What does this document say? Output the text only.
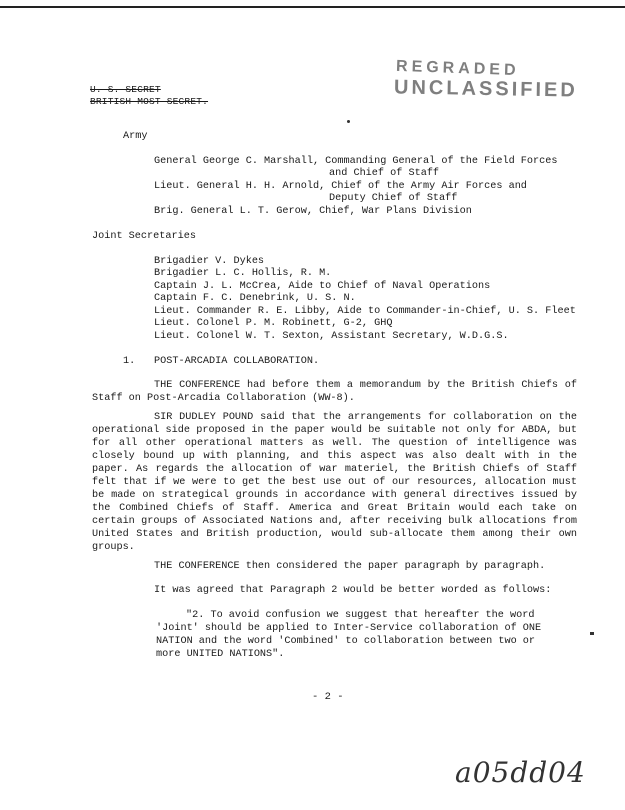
U. S. SECRET
BRITISH MOST SECRET.
REGRADED
UNCLASSIFIED
Army
General George C. Marshall, Commanding General of the Field Forces
and Chief of Staff
Lieut. General H. H. Arnold, Chief of the Army Air Forces and
Deputy Chief of Staff
Brig. General L. T. Gerow, Chief, War Plans Division
Joint Secretaries
Brigadier V. Dykes
Brigadier L. C. Hollis, R. M.
Captain J. L. McCrea, Aide to Chief of Naval Operations
Captain F. C. Denebrink, U. S. N.
Lieut. Commander R. E. Libby, Aide to Commander-in-Chief, U. S. Fleet
Lieut. Colonel P. M. Robinett, G-2, GHQ
Lieut. Colonel W. T. Sexton, Assistant Secretary, W.D.G.S.
1. POST-ARCADIA COLLABORATION.
THE CONFERENCE had before them a memorandum by the British Chiefs of Staff on Post-Arcadia Collaboration (WW-8).
SIR DUDLEY POUND said that the arrangements for collaboration on the operational side proposed in the paper would be suitable not only for ABDA, but for all other operational matters as well. The question of intelligence was closely bound up with planning, and this aspect was also dealt with in the paper. As regards the allocation of war materiel, the British Chiefs of Staff felt that if we were to get the best use out of our resources, allocation must be made on strategical grounds in accordance with general directives issued by the Combined Chiefs of Staff. America and Great Britain would each take on certain groups of Associated Nations and, after receiving bulk allocations from United States and British production, would sub-allocate them among their own groups.
THE CONFERENCE then considered the paper paragraph by paragraph.
It was agreed that Paragraph 2 would be better worded as follows:
"2. To avoid confusion we suggest that hereafter the word 'Joint' should be applied to Inter-Service collaboration of ONE NATION and the word 'Combined' to collaboration between two or more UNITED NATIONS".
- 2 -
a05dd04
